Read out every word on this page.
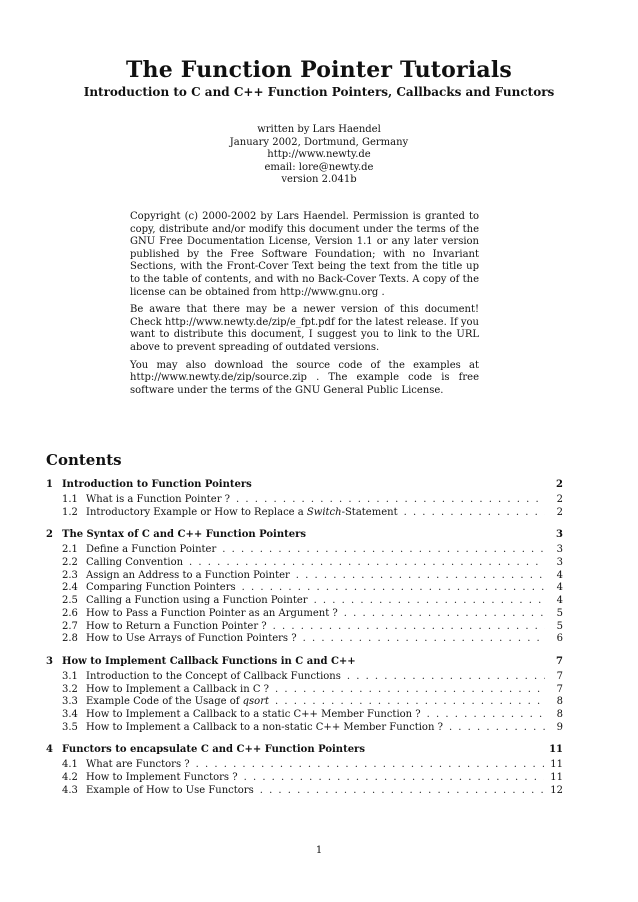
The Function Pointer Tutorials
Introduction to C and C++ Function Pointers, Callbacks and Functors
written by Lars Haendel
January 2002, Dortmund, Germany
http://www.newty.de
email: lore@newty.de
version 2.041b

Copyright (c) 2000-2002 by Lars Haendel. Permission is granted to copy, distribute and/or modify this document under the terms of the GNU Free Documentation License, Version 1.1 or any later version published by the Free Software Foundation; with no Invariant Sections, with the Front-Cover Text being the text from the title up to the table of contents, and with no Back-Cover Texts. A copy of the license can be obtained from http://www.gnu.org .

Be aware that there may be a newer version of this document! Check http://www.newty.de/zip/e_fpt.pdf for the latest release. If you want to distribute this document, I suggest you to link to the URL above to prevent spreading of outdated versions.

You may also download the source code of the examples at http://www.newty.de/zip/source.zip . The example code is free software under the terms of the GNU General Public License.

Contents
1 Introduction to Function Pointers	2
1.1 What is a Function Pointer ? . . .	2
1.2 Introductory Example or How to Replace a Switch-Statement . . .	2
2 The Syntax of C and C++ Function Pointers	3
2.1 Define a Function Pointer . . .	3
2.2 Calling Convention . . .	3
2.3 Assign an Address to a Function Pointer . . .	4
2.4 Comparing Function Pointers . . .	4
2.5 Calling a Function using a Function Pointer . . .	4
2.6 How to Pass a Function Pointer as an Argument ? . . .	5
2.7 How to Return a Function Pointer ? . . .	5
2.8 How to Use Arrays of Function Pointers ? . . .	6
3 How to Implement Callback Functions in C and C++	7
3.1 Introduction to the Concept of Callback Functions . . .	7
3.2 How to Implement a Callback in C ? . . .	7
3.3 Example Code of the Usage of qsort . . .	8
3.4 How to Implement a Callback to a static C++ Member Function ? . . .	8
3.5 How to Implement a Callback to a non-static C++ Member Function ? . . .	9
4 Functors to encapsulate C and C++ Function Pointers	11
4.1 What are Functors ? . . .	11
4.2 How to Implement Functors ? . . .	11
4.3 Example of How to Use Functors . . .	12
1
